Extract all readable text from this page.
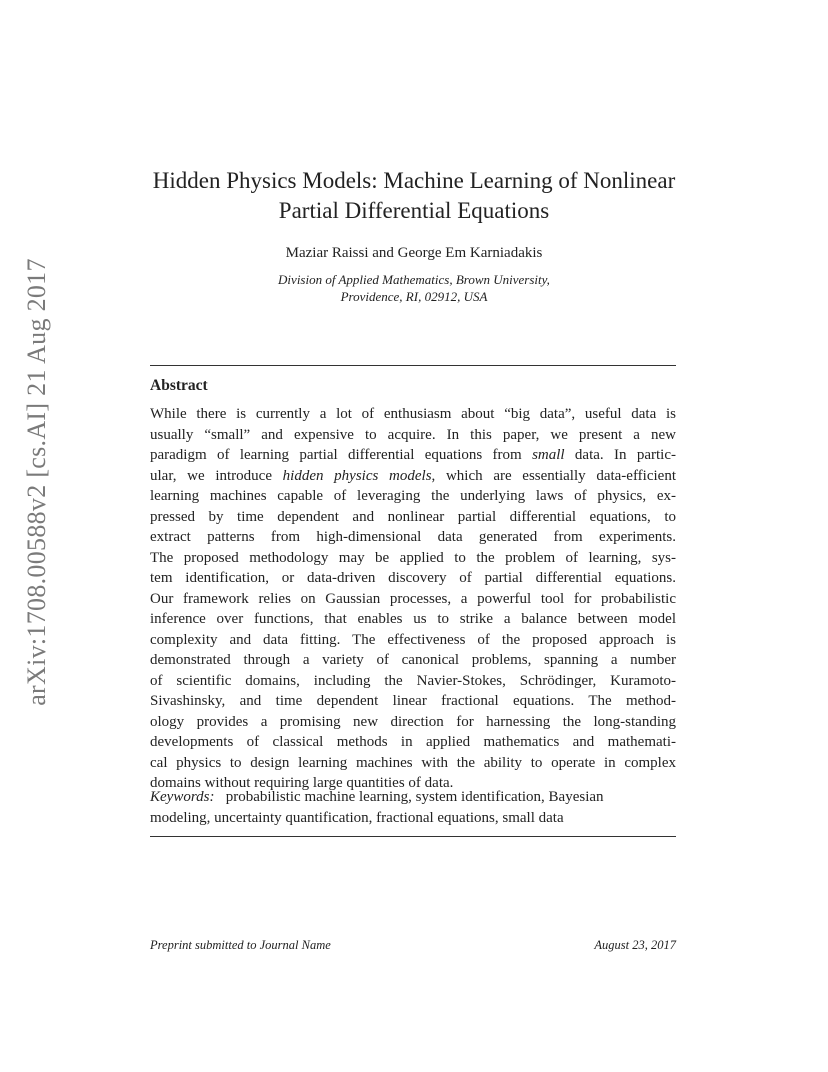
arXiv:1708.00588v2 [cs.AI] 21 Aug 2017
Hidden Physics Models: Machine Learning of Nonlinear
Partial Differential Equations
Maziar Raissi and George Em Karniadakis
Division of Applied Mathematics, Brown University,
Providence, RI, 02912, USA
Abstract
While there is currently a lot of enthusiasm about “big data”, useful data is
usually “small” and expensive to acquire. In this paper, we present a new
paradigm of learning partial differential equations from small data. In partic-
ular, we introduce hidden physics models, which are essentially data-efficient
learning machines capable of leveraging the underlying laws of physics, ex-
pressed by time dependent and nonlinear partial differential equations, to
extract patterns from high-dimensional data generated from experiments.
The proposed methodology may be applied to the problem of learning, sys-
tem identification, or data-driven discovery of partial differential equations.
Our framework relies on Gaussian processes, a powerful tool for probabilistic
inference over functions, that enables us to strike a balance between model
complexity and data fitting. The effectiveness of the proposed approach is
demonstrated through a variety of canonical problems, spanning a number
of scientific domains, including the Navier-Stokes, Schrödinger, Kuramoto-
Sivashinsky, and time dependent linear fractional equations. The method-
ology provides a promising new direction for harnessing the long-standing
developments of classical methods in applied mathematics and mathemati-
cal physics to design learning machines with the ability to operate in complex
domains without requiring large quantities of data.
Keywords: probabilistic machine learning, system identification, Bayesian
modeling, uncertainty quantification, fractional equations, small data
Preprint submitted to Journal Name	August 23, 2017
